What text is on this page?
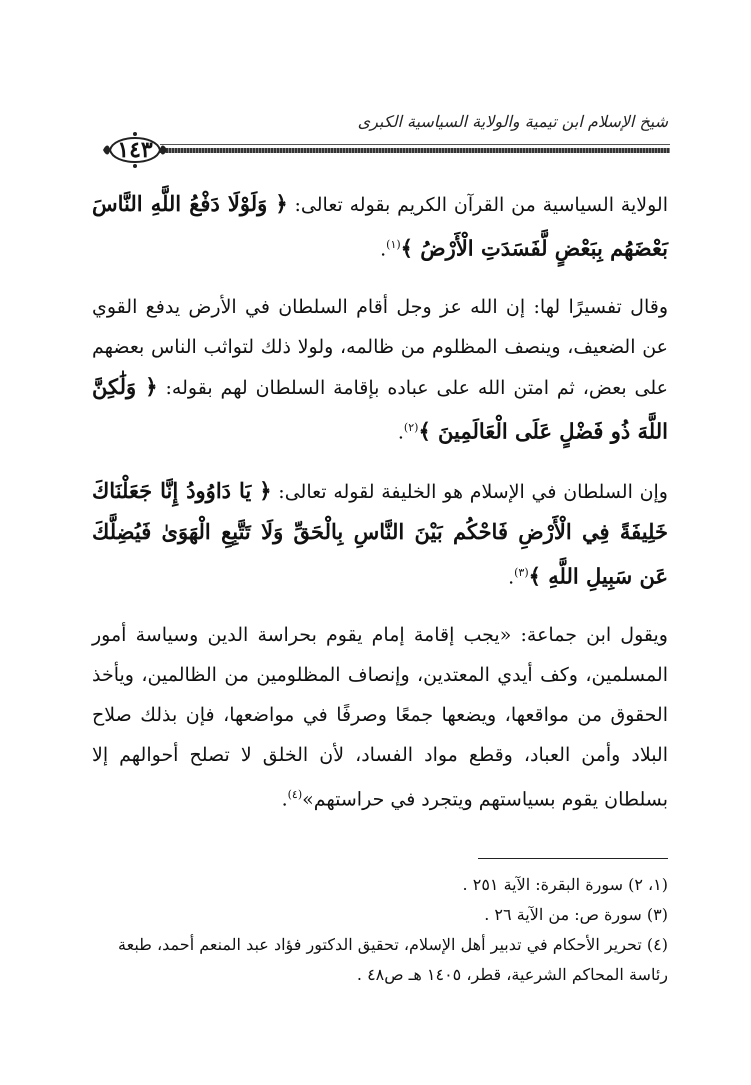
شيخ الإسلام ابن تيمية والولاية السياسية الكبرى
١٤٣

الولاية السياسية من القرآن الكريم بقوله تعالى: ﴿ وَلَوْلَا دَفْعُ اللَّهِ النَّاسَ بَعْضَهُم بِبَعْضٍ لَّفَسَدَتِ الْأَرْضُ ﴾$^{(١)}$.

وقال تفسيرًا لها: إن الله عز وجل أقام السلطان في الأرض يدفع القوي عن الضعيف، وينصف المظلوم من ظالمه، ولولا ذلك لتواثب الناس بعضهم على بعض، ثم امتن الله على عباده بإقامة السلطان لهم بقوله: ﴿ وَلَٰكِنَّ اللَّهَ ذُو فَضْلٍ عَلَى الْعَالَمِينَ ﴾$^{(٢)}$.

وإن السلطان في الإسلام هو الخليفة لقوله تعالى: ﴿ يَا دَاوُودُ إِنَّا جَعَلْنَاكَ خَلِيفَةً فِي الْأَرْضِ فَاحْكُم بَيْنَ النَّاسِ بِالْحَقِّ وَلَا تَتَّبِعِ الْهَوَىٰ فَيُضِلَّكَ عَن سَبِيلِ اللَّهِ ﴾$^{(٣)}$.

ويقول ابن جماعة: «يجب إقامة إمام يقوم بحراسة الدين وسياسة أمور المسلمين، وكف أيدي المعتدين، وإنصاف المظلومين من الظالمين، ويأخذ الحقوق من مواقعها، ويضعها جمعًا وصرفًا في مواضعها، فإن بذلك صلاح البلاد وأمن العباد، وقطع مواد الفساد، لأن الخلق لا تصلح أحوالهم إلا بسلطان يقوم بسياستهم ويتجرد في حراستهم»$^{(٤)}$.

(١، ٢) سورة البقرة: الآية ٢٥١ .

(٣) سورة ص: من الآية ٢٦ .

(٤) تحرير الأحكام في تدبير أهل الإسلام، تحقيق الدكتور فؤاد عبد المنعم أحمد، طبعة رئاسة المحاكم الشرعية، قطر، ١٤٠٥ هـ ص٤٨ .
